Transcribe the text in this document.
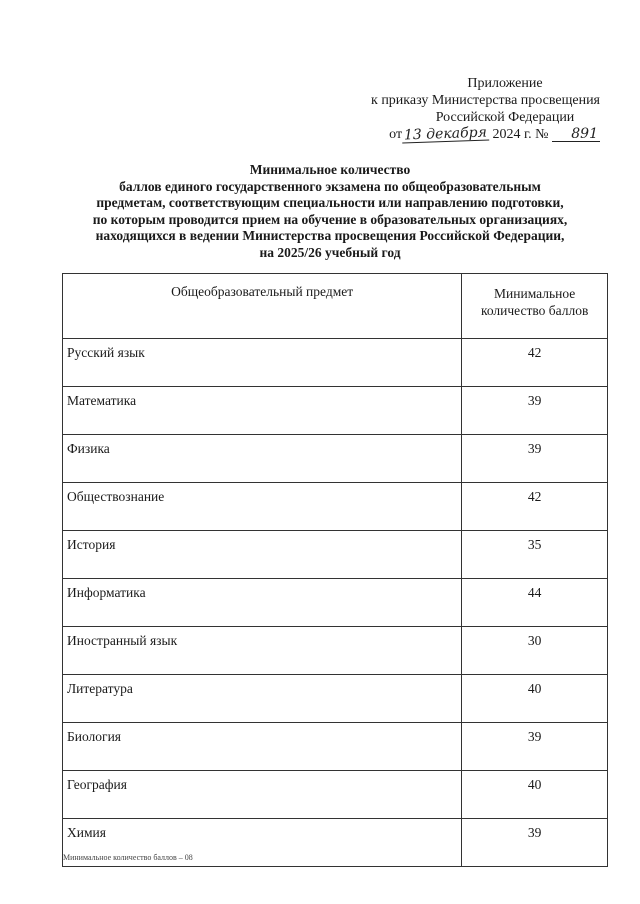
Приложение
к приказу Министерства просвещения
Российской Федерации
от 13 декабря 2024 г. № 891
Минимальное количество
баллов единого государственного экзамена по общеобразовательным
предметам, соответствующим специальности или направлению подготовки,
по которым проводится прием на обучение в образовательных организациях,
находящихся в ведении Министерства просвещения Российской Федерации,
на 2025/26 учебный год
Общеобразовательный предмет	Минимальное
количество баллов
Русский язык	42
Математика	39
Физика	39
Обществознание	42
История	35
Информатика	44
Иностранный язык	30
Литература	40
Биология	39
География	40
Химия	39
Минимальное количество баллов – 08
